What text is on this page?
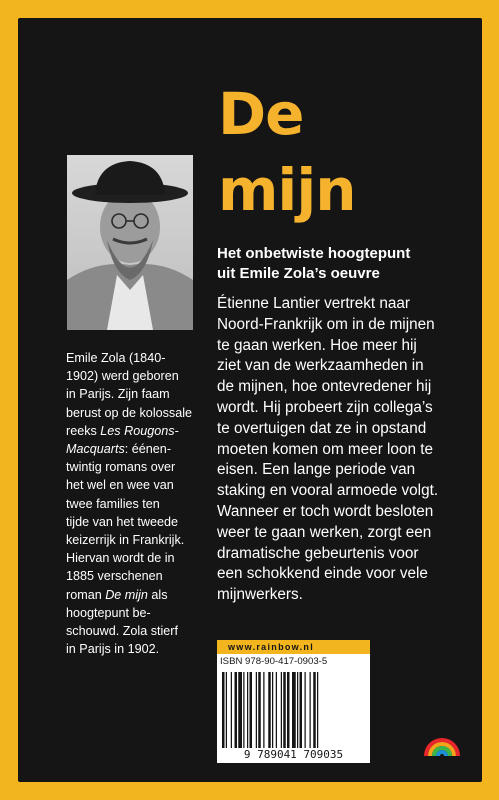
De
mijn
Het onbetwiste hoogtepunt
uit Emile Zola’s oeuvre
Étienne Lantier vertrekt naar
Noord-Frankrijk om in de mijnen
te gaan werken. Hoe meer hij
ziet van de werkzaamheden in
de mijnen, hoe ontevredener hij
wordt. Hij probeert zijn collega’s
te overtuigen dat ze in opstand
moeten komen om meer loon te
eisen. Een lange periode van
staking en vooral armoede volgt.
Wanneer er toch wordt besloten
weer te gaan werken, zorgt een
dramatische gebeurtenis voor
een schokkend einde voor vele
mijnwerkers.
Emile Zola (1840-
1902) werd geboren
in Parijs. Zijn faam
berust op de kolossale
reeks Les Rougons-
Macquarts: éénen-
twintig romans over
het wel en wee van
twee families ten
tijde van het tweede
keizerrijk in Frankrijk.
Hiervan wordt de in
1885 verschenen
roman De mijn als
hoogtepunt be-
schouwd. Zola stierf
in Parijs in 1902.	www.rainbow.nl
ISBN 978-90-417-0903-5
9 789041 709035
